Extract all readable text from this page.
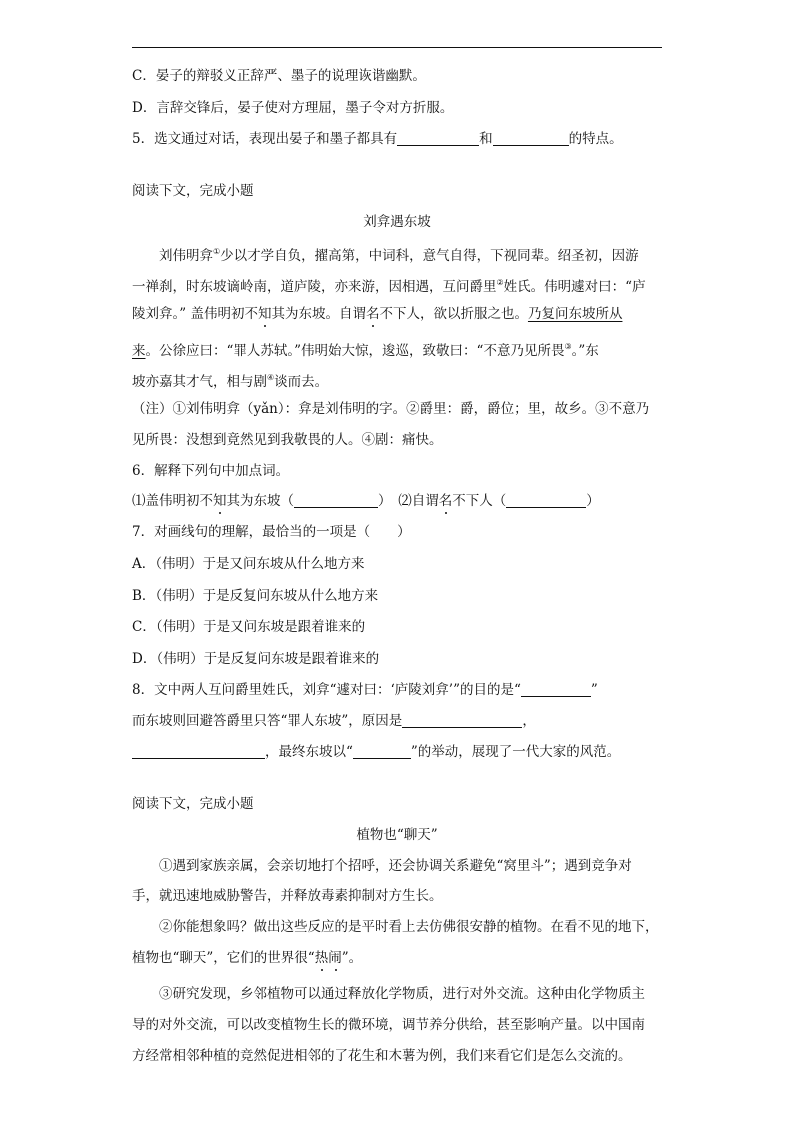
C．晏子的辩驳义正辞严、墨子的说理诙谐幽默。
D．言辞交锋后，晏子使对方理屈，墨子令对方折服。
5．选文通过对话，表现出晏子和墨子都具有	和	的特点。
阅读下文，完成小题
刘弇遇东坡
　　刘伟明弇①少以才学自负，擢高第，中词科，意气自得，下视同辈。绍圣初，因游
一禅刹，时东坡谪岭南，道庐陵，亦来游，因相遇，互问爵里②姓氏。伟明遽对曰：“庐
陵刘弇。” 盖伟明初不知其为东坡。自谓名不下人，欲以折服之也。乃复问东坡所从
来。公徐应曰：“罪人苏轼。”伟明始大惊，逡巡，致敬曰：“不意乃见所畏③。”东
坡亦嘉其才气，相与剧④谈而去。
（注）①刘伟明弇（yǎn）：弇是刘伟明的字。②爵里：爵，爵位；里，故乡。③不意乃
见所畏：没想到竟然见到我敬畏的人。④剧：痛快。
6．解释下列句中加点词。
⑴盖伟明初不知其为东坡（	）　 ⑵自谓名不下人（	）
7．对画线句的理解，最恰当的一项是（　　）
A．（伟明）于是又问东坡从什么地方来
B．（伟明）于是反复问东坡从什么地方来
C．（伟明）于是又问东坡是跟着谁来的
D．（伟明）于是反复问东坡是跟着谁来的
8．文中两人互问爵里姓氏，刘弇“遽对曰：‘庐陵刘弇’”的目的是“	”
而东坡则回避答爵里只答“罪人东坡”，原因是	，
，最终东坡以“	”的举动，展现了一代大家的风范。
阅读下文，完成小题
植物也“聊天”
　　①遇到家族亲属，会亲切地打个招呼，还会协调关系避免“窝里斗”；遇到竞争对
手，就迅速地威胁警告，并释放毒素抑制对方生长。
　　②你能想象吗？做出这些反应的是平时看上去仿佛很安静的植物。在看不见的地下，
植物也“聊天”，它们的世界很“热闹”。
　　③研究发现，乡邻植物可以通过释放化学物质，进行对外交流。这种由化学物质主
导的对外交流，可以改变植物生长的微环境，调节养分供给，甚至影响产量。以中国南
方经常相邻种植的竞然促进相邻的了花生和木薯为例，我们来看它们是怎么交流的。
